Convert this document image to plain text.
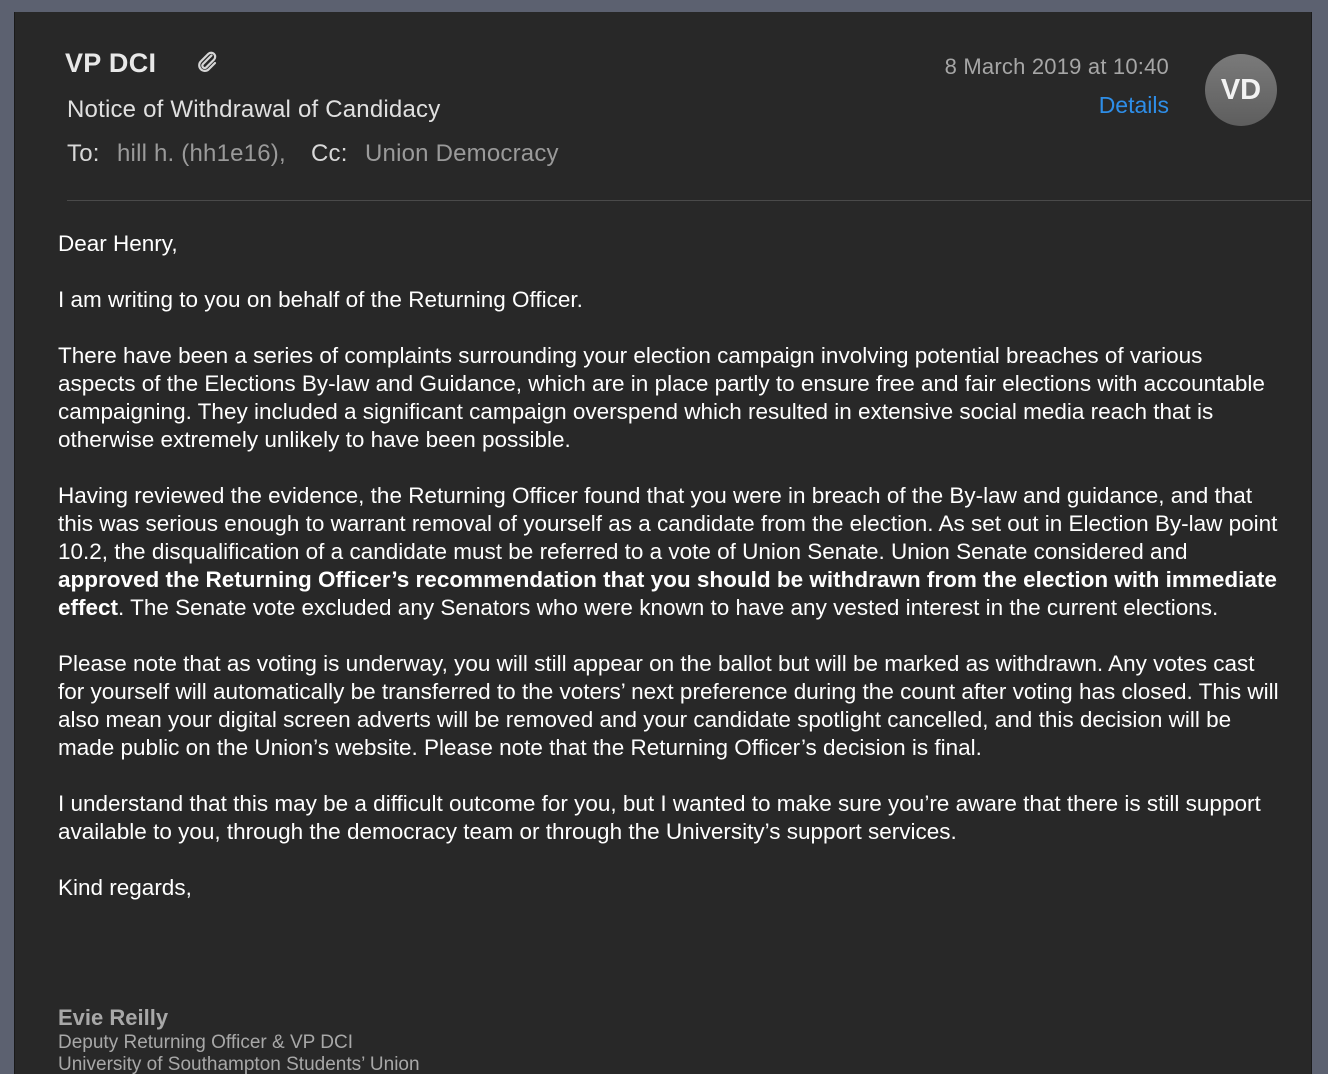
VP DCI
Notice of Withdrawal of Candidacy
To: hill h. (hh1e16), Cc: Union Democracy
8 March 2019 at 10:40
Details VD

Dear Henry,

I am writing to you on behalf of the Returning Officer.

There have been a series of complaints surrounding your election campaign involving potential breaches of various aspects of the Elections By-law and Guidance, which are in place partly to ensure free and fair elections with accountable campaigning. They included a significant campaign overspend which resulted in extensive social media reach that is otherwise extremely unlikely to have been possible.

Having reviewed the evidence, the Returning Officer found that you were in breach of the By-law and guidance, and that this was serious enough to warrant removal of yourself as a candidate from the election. As set out in Election By-law point 10.2, the disqualification of a candidate must be referred to a vote of Union Senate. Union Senate considered and approved the Returning Officer’s recommendation that you should be withdrawn from the election with immediate effect. The Senate vote excluded any Senators who were known to have any vested interest in the current elections.

Please note that as voting is underway, you will still appear on the ballot but will be marked as withdrawn. Any votes cast for yourself will automatically be transferred to the voters’ next preference during the count after voting has closed. This will also mean your digital screen adverts will be removed and your candidate spotlight cancelled, and this decision will be made public on the Union’s website. Please note that the Returning Officer’s decision is final.

I understand that this may be a difficult outcome for you, but I wanted to make sure you’re aware that there is still support available to you, through the democracy team or through the University’s support services.

Kind regards,

Evie Reilly
Deputy Returning Officer & VP DCI
University of Southampton Students’ Union
